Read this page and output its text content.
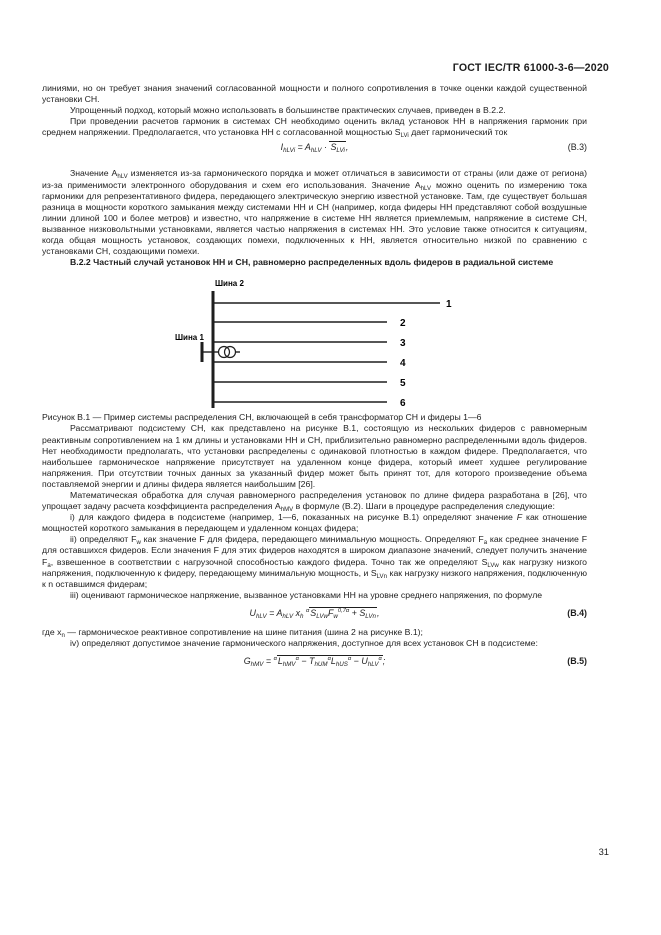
ГОСТ IEC/TR 61000-3-6—2020

линиями, но он требует знания значений согласованной мощности и полного сопротивления в точке оценки каждой существенной установки СН.

Упрощенный подход, который можно использовать в большинстве практических случаев, приведен в B.2.2.

При проведении расчетов гармоник в системах СН необходимо оценить вклад установок НН в напряжения гармоник при среднем напряжении. Предполагается, что установка НН с согласованной мощностью $S_{LVi}$ дает гармонический ток

$I_{hLVi} = A_{hLV} \cdot S_{LVi}$,	(B.3)

Значение $A_{hLV}$ изменяется из-за гармонического порядка и может отличаться в зависимости от страны (или даже от региона) из-за применимости электронного оборудования и схем его использования. Значение $A_{hLV}$ можно оценить по измерению тока гармоники для репрезентативного фидера, передающего электрическую энергию известной установке. Там, где существует большая разница в мощности короткого замыкания между системами НН и СН (например, когда фидеры НН представляют собой воздушные линии длиной 100 и более метров) и известно, что напряжение в системе НН является приемлемым, напряжение в системе СН, вызванное низковольтными установками, является частью напряжения в системах НН. Это условие также относится к ситуациям, когда общая мощность установок, создающих помехи, подключенных к НН, является относительно низкой по сравнению с установками СН, создающими помехи.

В.2.2 Частный случай установок НН и СН, равномерно распределенных вдоль фидеров в радиальной системе

Шина 2
1
2
3
4
5
6
Шина 1

Рисунок В.1 — Пример системы распределения СН, включающей в себя трансформатор СН и фидеры 1—6

Рассматривают подсистему СН, как представлено на рисунке В.1, состоящую из нескольких фидеров с равномерным реактивным сопротивлением на 1 км длины и установками НН и СН, приблизительно равномерно распределенными вдоль фидеров. Нет необходимости предполагать, что установки распределены с одинаковой плотностью в каждом фидере. Предполагается, что наибольшее гармоническое напряжение присутствует на удаленном конце фидера, который имеет худшее регулирование напряжения. При отсутствии точных данных за указанный фидер может быть принят тот, для которого произведение объема поставляемой энергии и длины фидера является наибольшим [26].

Математическая обработка для случая равномерного распределения установок по длине фидера разработана в [26], что упрощает задачу расчета коэффициента распределения $A_{hMV}$ в формуле (В.2). Шаги в процедуре распределения следующие:

i) для каждого фидера в подсистеме (например, 1—6, показанных на рисунке В.1) определяют значение F как отношение мощностей короткого замыкания в передающем и удаленном концах фидера;

ii) определяют $F_w$ как значение F для фидера, передающего минимальную мощность. Определяют $F_a$ как среднее значение F для оставшихся фидеров. Если значения F для этих фидеров находятся в широком диапазоне значений, следует получить значение $F_a$, взвешенное в соответствии с нагрузочной способностью каждого фидера. Точно так же определяют $S_{LVw}$ как нагрузку низкого напряжения, подключенную к фидеру, передающему минимальную мощность, и $S_{LVn}$ как нагрузку низкого напряжения, подключенную к n оставшимся фидерам;

iii) оценивают гармоническое напряжение, вызванное установками НН на уровне среднего напряжения, по формуле

$U_{hLV} = A_{hLV}$ $x_h$ $^\alpha S_{LVw}F_w^{0,7\alpha} + S_{LVn}$,	(B.4)

где $x_n$ — гармоническое реактивное сопротивление на шине питания (шина 2 на рисунке В.1);

iv) определяют допустимое значение гармонического напряжения, доступное для всех установок СН в подсистеме:

$G_{hMV} = ^\alpha L_{hMV}^\alpha - T_{hUM}^\alpha L_{hUS}^\alpha - U_{hLV}^\alpha$;	(B.5)
31
